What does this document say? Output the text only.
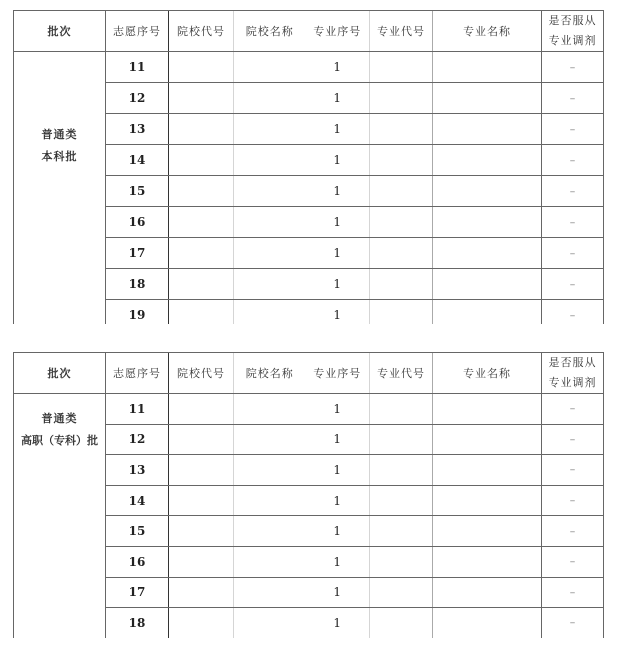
批次	志愿序号	院校代号	院校名称	专业序号	专业代号	专业名称	是否服从
专业调剂

普通类
本科批	11			1			–
	12			1			–
	13			1			–
	14			1			–
	15			1			–
	16			1			–
	17			1			–
	18			1			–
	19			1			–

批次	志愿序号	院校代号	院校名称	专业序号	专业代号	专业名称	是否服从
专业调剂

普通类
高职（专科）批	11			1			–
	12			1			–
	13			1			–
	14			1			–
	15			1			–
	16			1			–
	17			1			–
	18			1			–
